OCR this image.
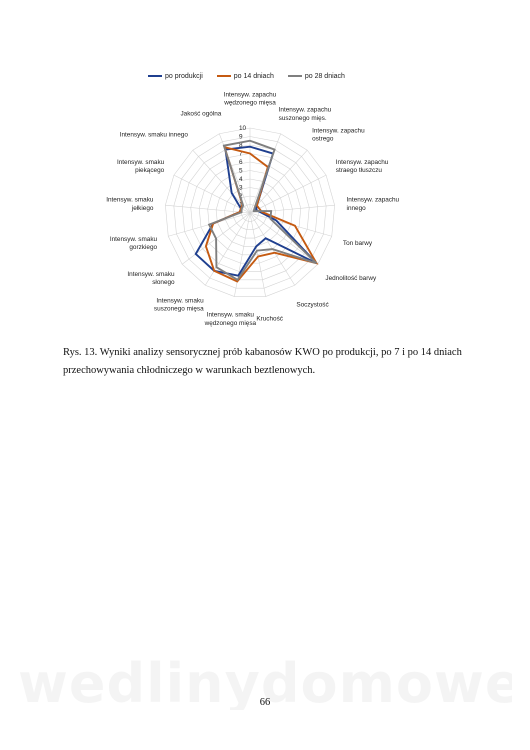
po produkcji	po 14 dniach	po 28 dniach
1
2
3
4
5
6
7
8
9
10
Intensyw. zapachu wędzonego mięsa
Intensyw. zapachu suszonego mięs.
Intensyw. zapachu ostrego
Intensyw. zapachu straego tłuszczu
Intensyw. zapachu innego
Ton barwy
Jednolitość barwy
Soczystość
Kruchość
Intensyw. smaku wędzonego mięsa
Intensyw. smaku suszonego mięsa
Intensyw. smaku słonego
Intensyw. smaku gorzkiego
Intensyw. smaku jełkiego
Intensyw. smaku piekącego
Intensyw. smaku innego
Jakość ogólna
Rys. 13. Wyniki analizy sensorycznej prób kabanosów KWO po produkcji, po 7 i po 14 dniach
przechowywania chłodniczego w warunkach beztlenowych.
66
